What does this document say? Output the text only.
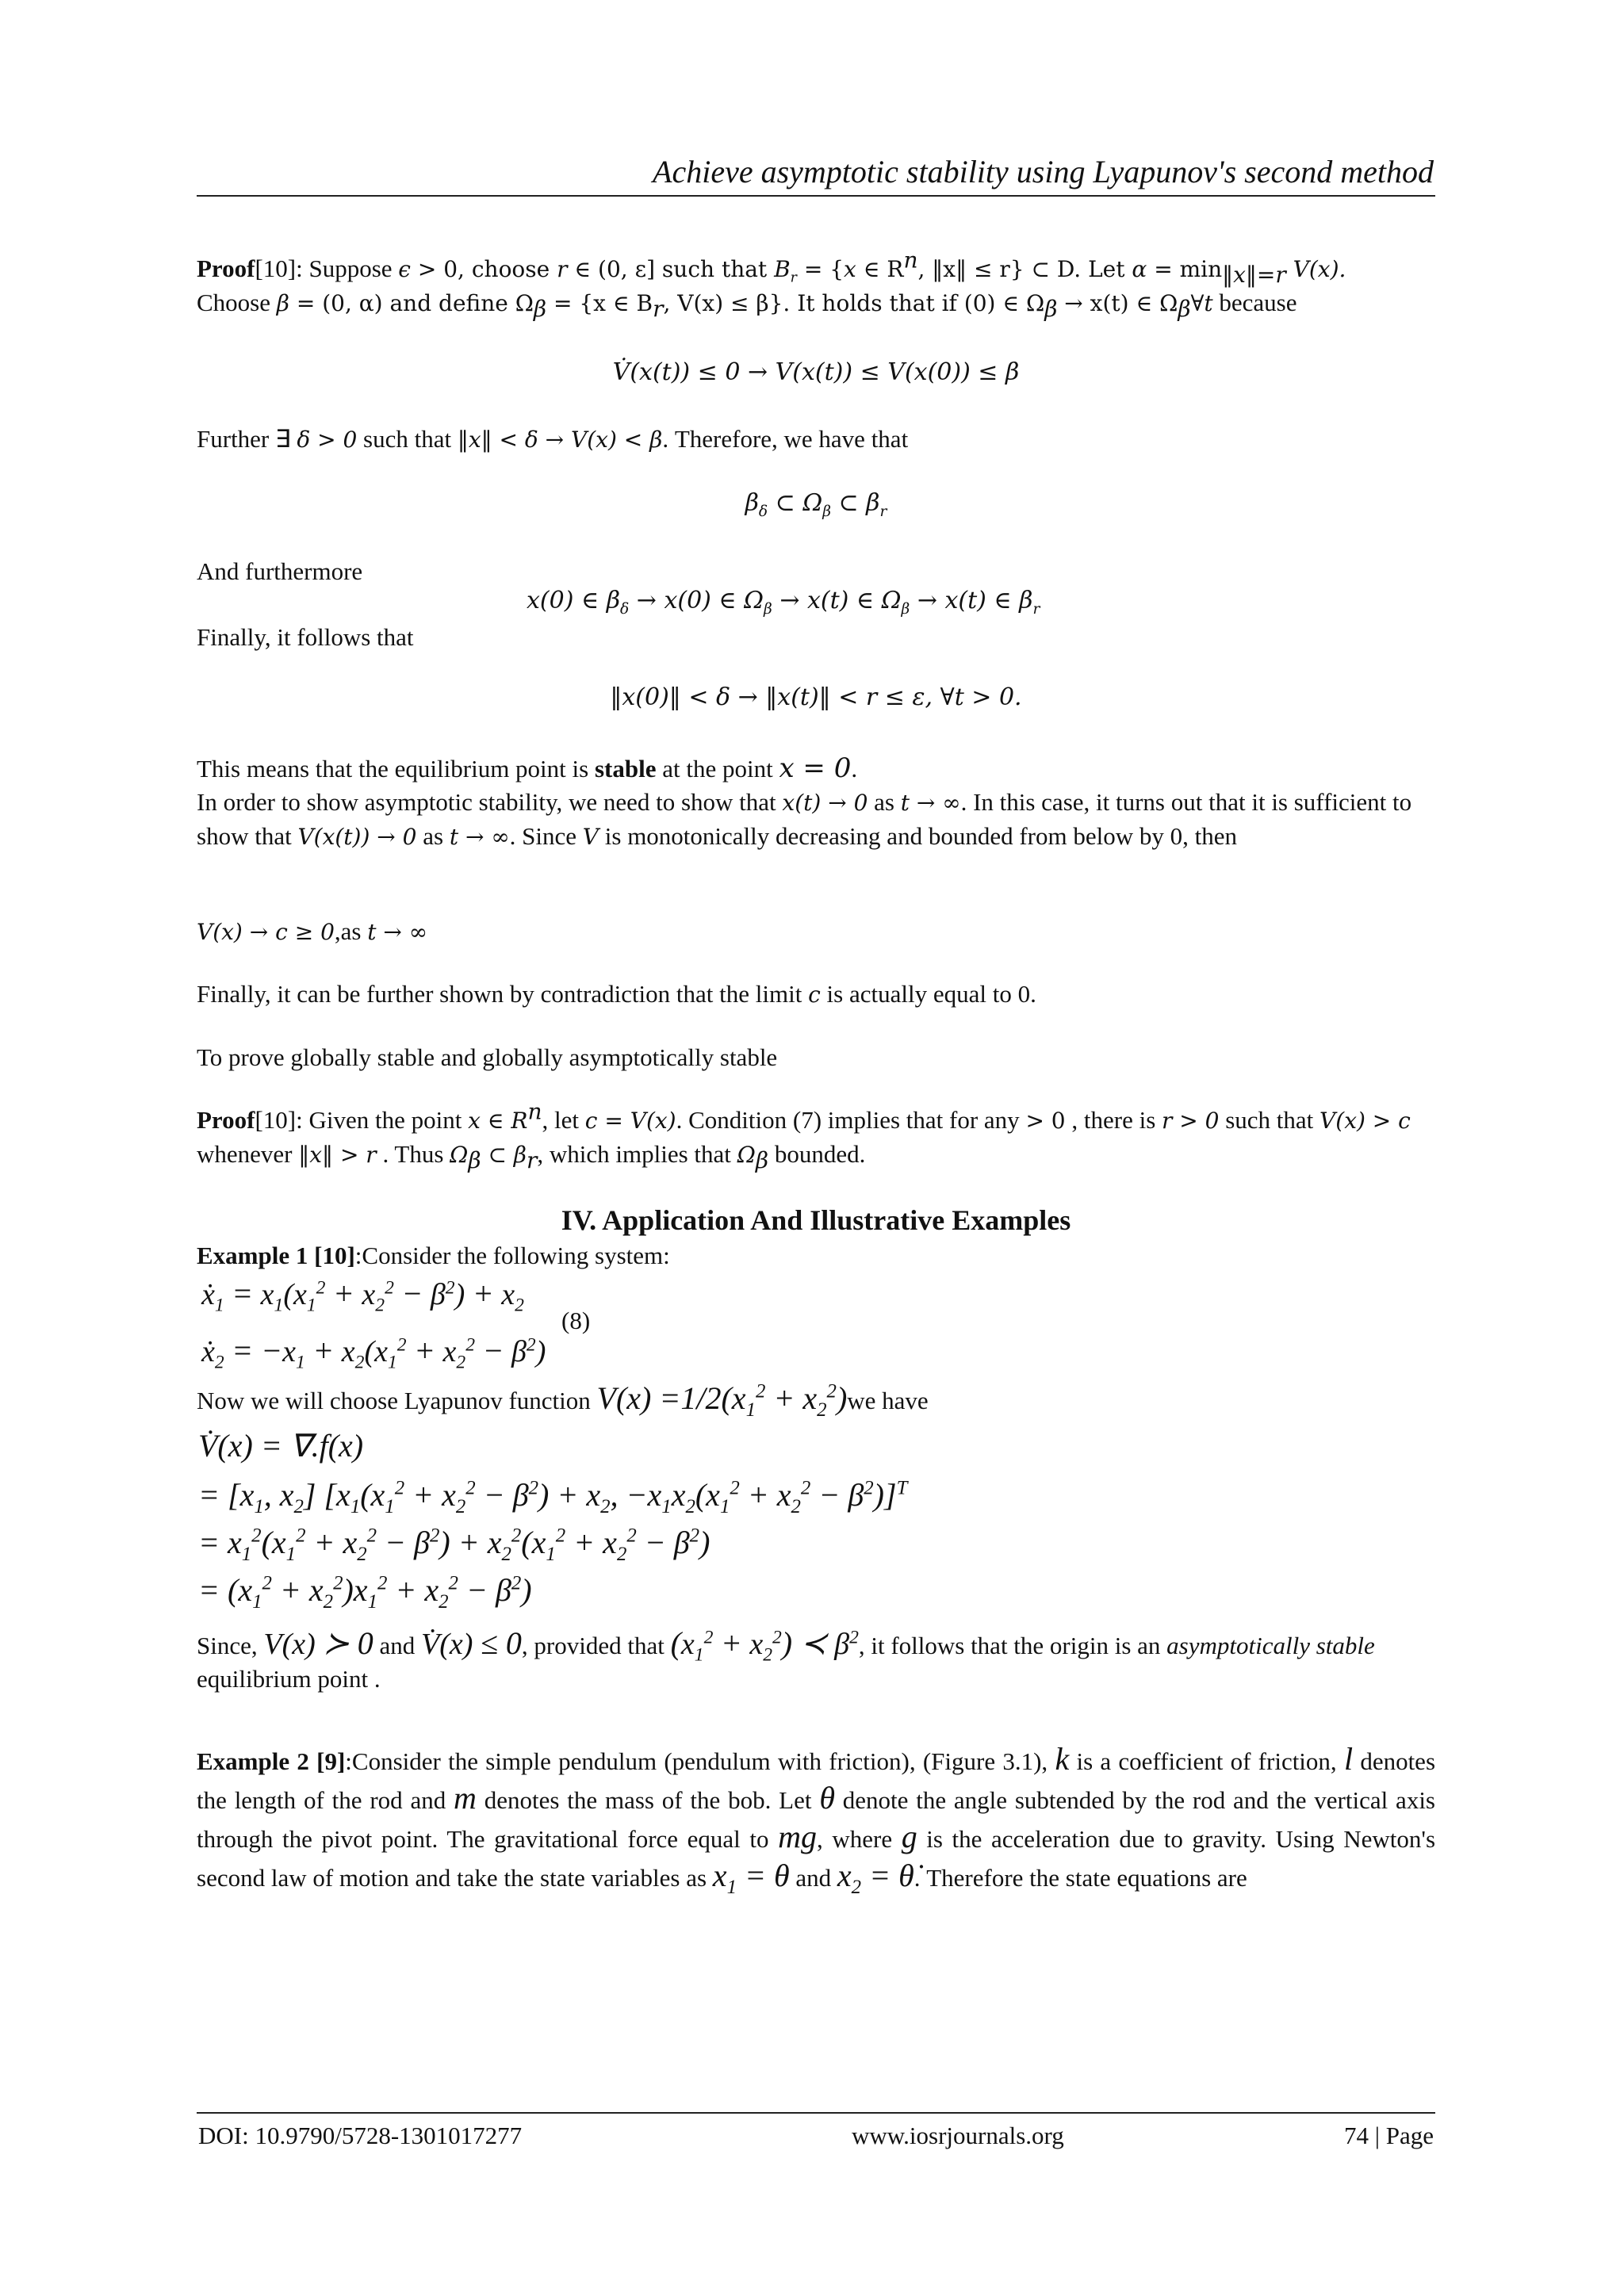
Achieve asymptotic stability using Lyapunov's second method
Proof[10]: Suppose ϵ > 0, choose r ∈ (0, ε] such that $B_r = \{x$ ∈ $R^n$, ‖x‖ ≤ r} ⊂ D. Let $\alpha = \min_{‖x‖=r} V(x)$.
Choose β = (0, α) and define $\Omega_\beta = \{x$ ∈ $B_r$, V(x) ≤ β}. It holds that if (0) ∈ $\Omega_\beta \to x(t)$ ∈ $\Omega_\beta\forall t$ because
V̇(x(t)) ≤ 0 → V(x(t)) ≤ V(x(0)) ≤ β
Further ∃ δ > 0 such that ‖x‖ < δ → V(x) < β. Therefore, we have that
$\beta_\delta$ ⊂ $\Omega_\beta$ ⊂ $\beta_r$
And furthermore
x(0) ∈ $\beta_\delta \to x(0)$ ∈ $\Omega_\beta \to x(t)$ ∈ $\Omega_\beta \to x(t)$ ∈ $\beta_r$
Finally, it follows that
‖x(0)‖ < δ → ‖x(t)‖ < r ≤ ε, ∀t > 0.
This means that the equilibrium point is stable at the point x = 0.
In order to show asymptotic stability, we need to show that x(t) → 0 as t → ∞. In this case, it turns out that it is sufficient to show that V(x(t)) → 0 as t → ∞. Since V is monotonically decreasing and bounded from below by 0, then
V(x) → c ≥ 0,as t → ∞
Finally, it can be further shown by contradiction that the limit c is actually equal to 0.
To prove globally stable and globally asymptotically stable
Proof[10]: Given the point x ∈ $R^n$, let c = V(x). Condition (7) implies that for any > 0 , there is r > 0 such that V(x) > c whenever ‖x‖ > r . Thus $\Omega_\beta$ ⊂ $\beta_r$, which implies that $\Omega_\beta$ bounded.
IV. Application And Illustrative Examples
Example 1 [10]:Consider the following system:
ẋ$_1$ = $x_1(x_1^2 + x_2^2 - \beta^2) + x_2$
(8)
ẋ$_2$ = $-x_1 + x_2(x_1^2 + x_2^2 - \beta^2)$
Now we will choose Lyapunov function $V(x) =1/2(x_1^2 + x_2^2)we$ have
V̇(x) = ∇.f(x)
= [$x_1$, $x_2$] [$x_1(x_1^2 + x_2^2 - \beta^2) + x_2$, $-x_1x_2(x_1^2 + x_2^2 - \beta^2)]^T$
= $x_1^2(x_1^2 + x_2^2 - \beta^2) + x_2^2(x_1^2 + x_2^2 - \beta^2)$
= $(x_1^2 + x_2^2)x_1^2 + x_2^2 - \beta^2$)
Since, V(x) ≻ 0 and V̇(x) ≤ 0, provided that $(x_1^2 + x_2^2)$ ≺ $\beta^2$, it follows that the origin is an asymptotically stable equilibrium point .
Example 2 [9]:Consider the simple pendulum (pendulum with friction), (Figure 3.1), k is a coefficient of friction, l denotes the length of the rod and m denotes the mass of the bob. Let θ denote the angle subtended by the rod and the vertical axis through the pivot point. The gravitational force equal to mg, where g is the acceleration due to gravity. Using Newton's second law of motion and take the state variables as $x_1 = \theta$ and $x_2$ = θ̇. Therefore the state equations are
DOI: 10.9790/5728-1301017277	www.iosrjournals.org	74 | Page
